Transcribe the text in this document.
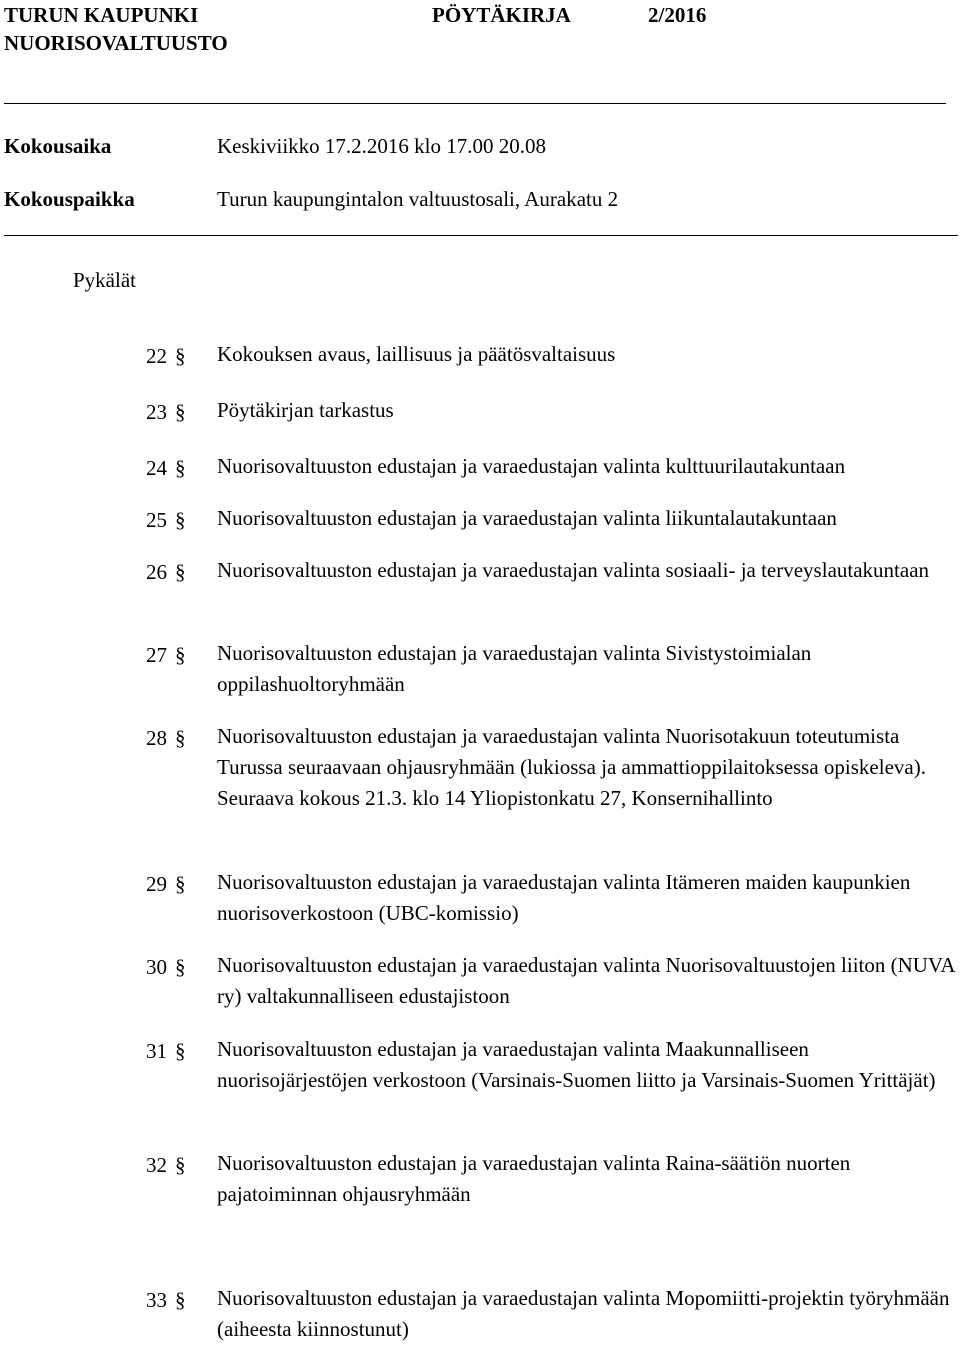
TURUN KAUPUNKI
NUORISOVALTUUSTO
PÖYTÄKIRJA	2/2016
Kokousaika	Keskiviikko 17.2.2016 klo 17.00 20.08
Kokouspaikka	Turun kaupungintalon valtuustosali, Aurakatu 2
Pykälät
22 § Kokouksen avaus, laillisuus ja päätösvaltaisuus
23 § Pöytäkirjan tarkastus
24 § Nuorisovaltuuston edustajan ja varaedustajan valinta kulttuurilautakuntaan
25 § Nuorisovaltuuston edustajan ja varaedustajan valinta liikuntalautakuntaan
26 § Nuorisovaltuuston edustajan ja varaedustajan valinta sosiaali- ja terveyslautakuntaan
27 § Nuorisovaltuuston edustajan ja varaedustajan valinta Sivistystoimialan oppilashuoltoryhmään
28 § Nuorisovaltuuston edustajan ja varaedustajan valinta Nuorisotakuun toteutumista Turussa seuraavaan ohjausryhmään (lukiossa ja ammattioppilaitoksessa opiskeleva). Seuraava kokous 21.3. klo 14 Yliopistonkatu 27, Konsernihallinto
29 § Nuorisovaltuuston edustajan ja varaedustajan valinta Itämeren maiden kaupunkien nuorisoverkostoon (UBC-komissio)
30 § Nuorisovaltuuston edustajan ja varaedustajan valinta Nuorisovaltuustojen liiton (NUVA ry) valtakunnalliseen edustajistoon
31 § Nuorisovaltuuston edustajan ja varaedustajan valinta Maakunnalliseen nuorisojärjestöjen verkostoon (Varsinais-Suomen liitto ja Varsinais-Suomen Yrittäjät)
32 § Nuorisovaltuuston edustajan ja varaedustajan valinta Raina-säätiön nuorten pajatoiminnan ohjausryhmään
33 § Nuorisovaltuuston edustajan ja varaedustajan valinta Mopomiitti-projektin työryhmään (aiheesta kiinnostunut)
